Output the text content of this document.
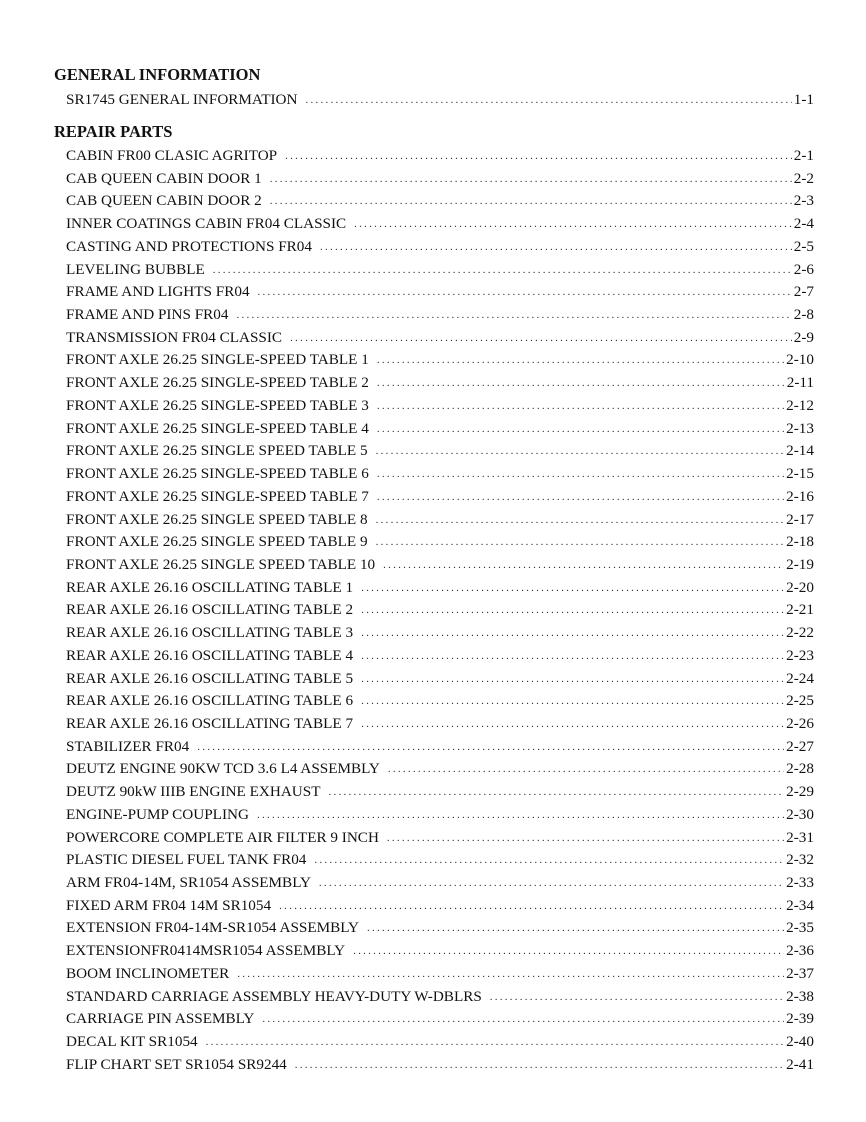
GENERAL INFORMATION
SR1745 GENERAL INFORMATION . . .	1-1
REPAIR PARTS
CABIN FR00 CLASIC AGRITOP . . .	2-1
CAB QUEEN CABIN DOOR 1 . . .	2-2
CAB QUEEN CABIN DOOR 2 . . .	2-3
INNER COATINGS CABIN FR04 CLASSIC . . .	2-4
CASTING AND PROTECTIONS FR04 . . .	2-5
LEVELING BUBBLE . . .	2-6
FRAME AND LIGHTS FR04 . . .	2-7
FRAME AND PINS FR04 . . .	2-8
TRANSMISSION FR04 CLASSIC . . .	2-9
FRONT AXLE 26.25 SINGLE-SPEED TABLE 1 . . .	2-10
FRONT AXLE 26.25 SINGLE-SPEED TABLE 2 . . .	2-11
FRONT AXLE 26.25 SINGLE-SPEED TABLE 3 . . .	2-12
FRONT AXLE 26.25 SINGLE-SPEED TABLE 4 . . .	2-13
FRONT AXLE 26.25 SINGLE SPEED TABLE 5 . . .	2-14
FRONT AXLE 26.25 SINGLE-SPEED TABLE 6 . . .	2-15
FRONT AXLE 26.25 SINGLE-SPEED TABLE 7 . . .	2-16
FRONT AXLE 26.25 SINGLE SPEED TABLE 8 . . .	2-17
FRONT AXLE 26.25 SINGLE SPEED TABLE 9 . . .	2-18
FRONT AXLE 26.25 SINGLE SPEED TABLE 10 . . .	2-19
REAR AXLE 26.16 OSCILLATING TABLE 1 . . .	2-20
REAR AXLE 26.16 OSCILLATING TABLE 2 . . .	2-21
REAR AXLE 26.16 OSCILLATING TABLE 3 . . .	2-22
REAR AXLE 26.16 OSCILLATING TABLE 4 . . .	2-23
REAR AXLE 26.16 OSCILLATING TABLE 5 . . .	2-24
REAR AXLE 26.16 OSCILLATING TABLE 6 . . .	2-25
REAR AXLE 26.16 OSCILLATING TABLE 7 . . .	2-26
STABILIZER FR04 . . .	2-27
DEUTZ ENGINE 90KW TCD 3.6 L4 ASSEMBLY . . .	2-28
DEUTZ 90kW IIIB ENGINE EXHAUST . . .	2-29
ENGINE-PUMP COUPLING . . .	2-30
POWERCORE COMPLETE AIR FILTER 9 INCH . . .	2-31
PLASTIC DIESEL FUEL TANK FR04 . . .	2-32
ARM FR04-14M, SR1054 ASSEMBLY . . .	2-33
FIXED ARM FR04 14M SR1054 . . .	2-34
EXTENSION FR04-14M-SR1054 ASSEMBLY . . .	2-35
EXTENSIONFR0414MSR1054 ASSEMBLY . . .	2-36
BOOM INCLINOMETER . . .	2-37
STANDARD CARRIAGE ASSEMBLY HEAVY-DUTY W-DBLRS . . .	2-38
CARRIAGE PIN ASSEMBLY . . .	2-39
DECAL KIT SR1054 . . .	2-40
FLIP CHART SET SR1054 SR9244 . . .	2-41
